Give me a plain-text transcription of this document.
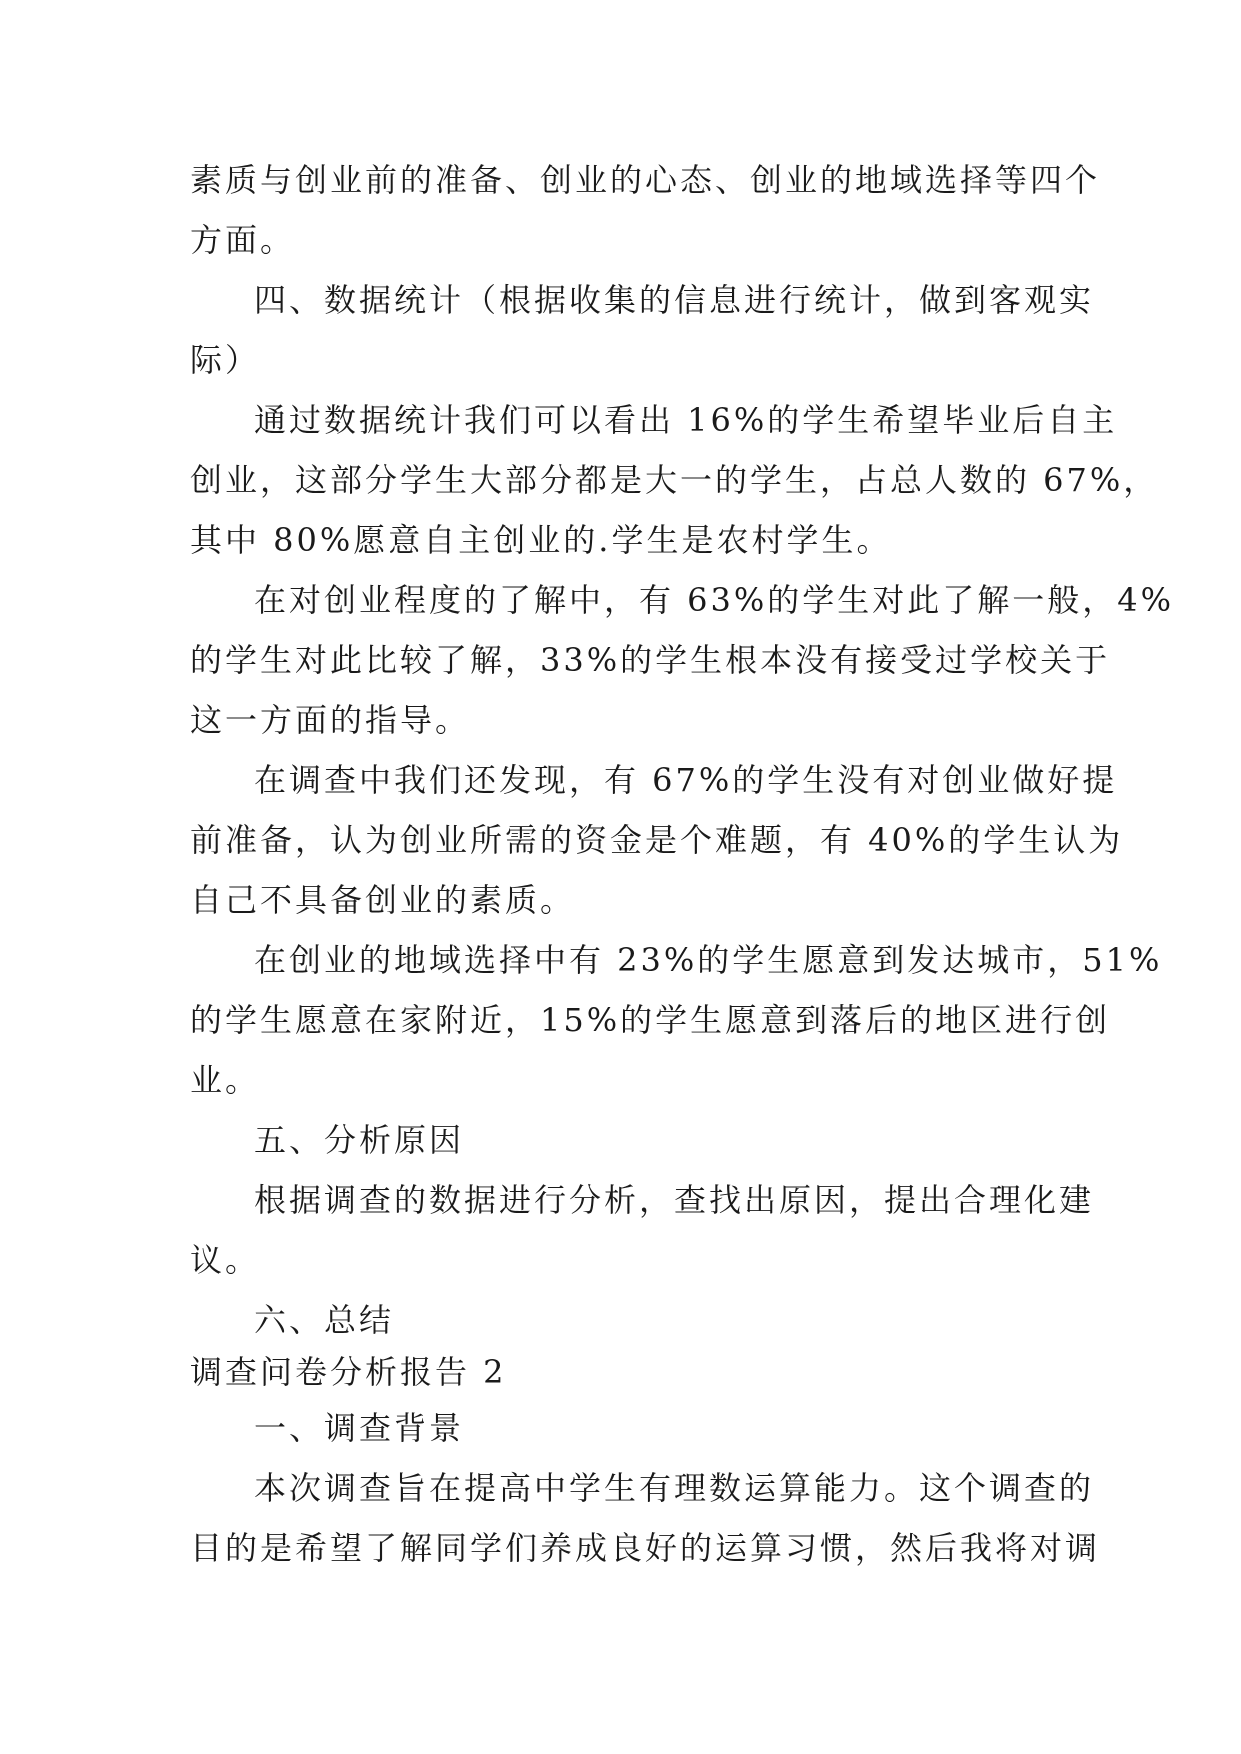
素质与创业前的准备、创业的心态、创业的地域选择等四个
方面。
四、数据统计（根据收集的信息进行统计，做到客观实
际）
通过数据统计我们可以看出 16%的学生希望毕业后自主
创业，这部分学生大部分都是大一的学生，占总人数的 67%，
其中 80%愿意自主创业的.学生是农村学生。
在对创业程度的了解中，有 63%的学生对此了解一般，4%
的学生对此比较了解，33%的学生根本没有接受过学校关于
这一方面的指导。
在调查中我们还发现，有 67%的学生没有对创业做好提
前准备，认为创业所需的资金是个难题，有 40%的学生认为
自己不具备创业的素质。
在创业的地域选择中有 23%的学生愿意到发达城市，51%
的学生愿意在家附近，15%的学生愿意到落后的地区进行创
业。
五、分析原因
根据调查的数据进行分析，查找出原因，提出合理化建
议。
六、总结
调查问卷分析报告 2
一、调查背景
本次调查旨在提高中学生有理数运算能力。这个调查的
目的是希望了解同学们养成良好的运算习惯，然后我将对调
